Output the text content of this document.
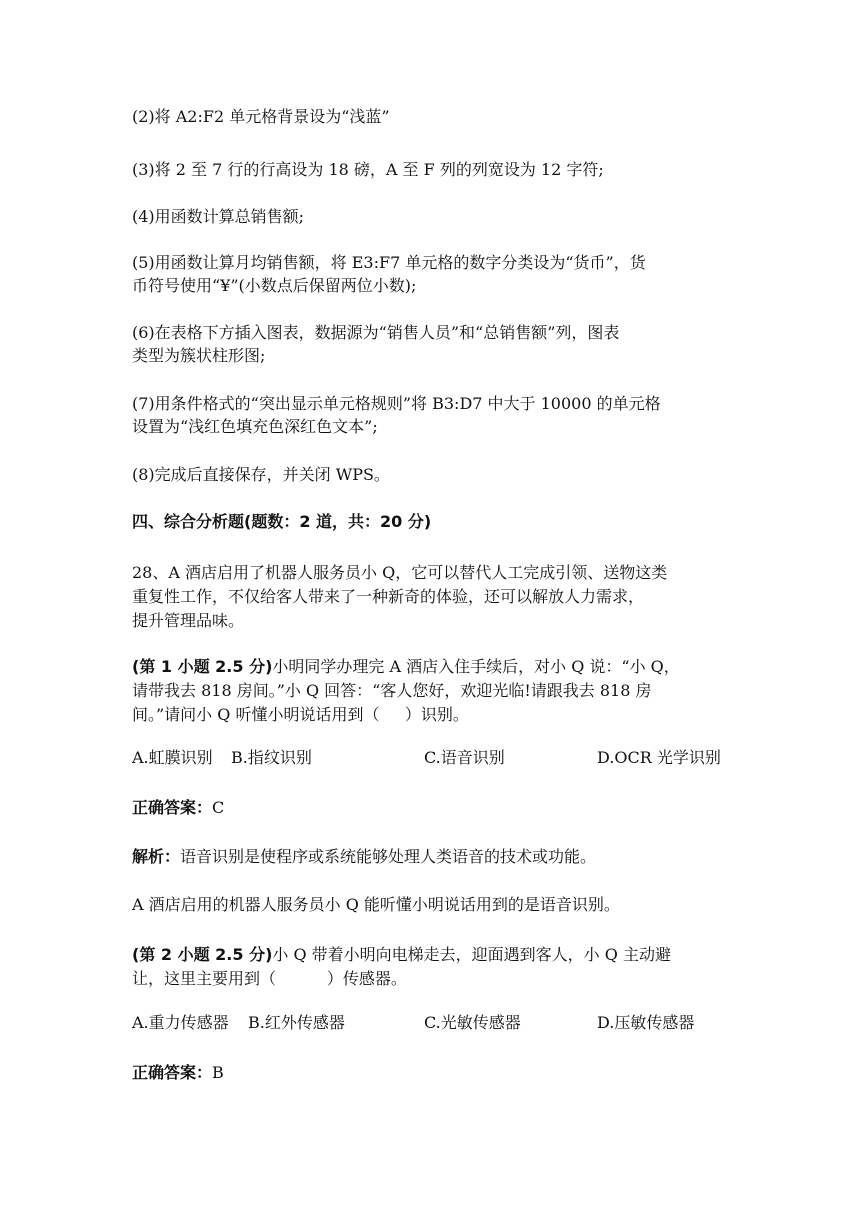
(2)将 A2:F2 单元格背景设为“浅蓝”
(3)将 2 至 7 行的行高设为 18 磅，A 至 F 列的列宽设为 12 字符;
(4)用函数计算总销售额;
(5)用函数让算月均销售额，将 E3:F7 单元格的数字分类设为“货币”，货
币符号使用“¥”(小数点后保留两位小数);
(6)在表格下方插入图表，数据源为“销售人员”和“总销售额”列，图表
类型为簇状柱形图;
(7)用条件格式的“突出显示单元格规则”将 B3:D7 中大于 10000 的单元格
设置为“浅红色填充色深红色文本”;
(8)完成后直接保存，并关闭 WPS。
四、综合分析题(题数：2 道，共：20 分)
28、A 酒店启用了机器人服务员小 Q，它可以替代人工完成引领、送物这类
重复性工作，不仅给客人带来了一种新奇的体验，还可以解放人力需求，
提升管理品味。
(第 1 小题 2.5 分)小明同学办理完 A 酒店入住手续后，对小 Q 说：“小 Q，
请带我去 818 房间。”小 Q 回答：“客人您好，欢迎光临!请跟我去 818 房
间。”请问小 Q 听懂小明说话用到（     ）识别。
A.虹膜识别 B.指纹识别	C.语音识别	D.OCR 光学识别
正确答案：C
解析：语音识别是使程序或系统能够处理人类语音的技术或功能。
A 酒店启用的机器人服务员小 Q 能听懂小明说话用到的是语音识别。
(第 2 小题 2.5 分)小 Q 带着小明向电梯走去，迎面遇到客人，小 Q 主动避
让，这里主要用到（          ）传感器。
A.重力传感器 B.红外传感器	C.光敏传感器	D.压敏传感器
正确答案：B
